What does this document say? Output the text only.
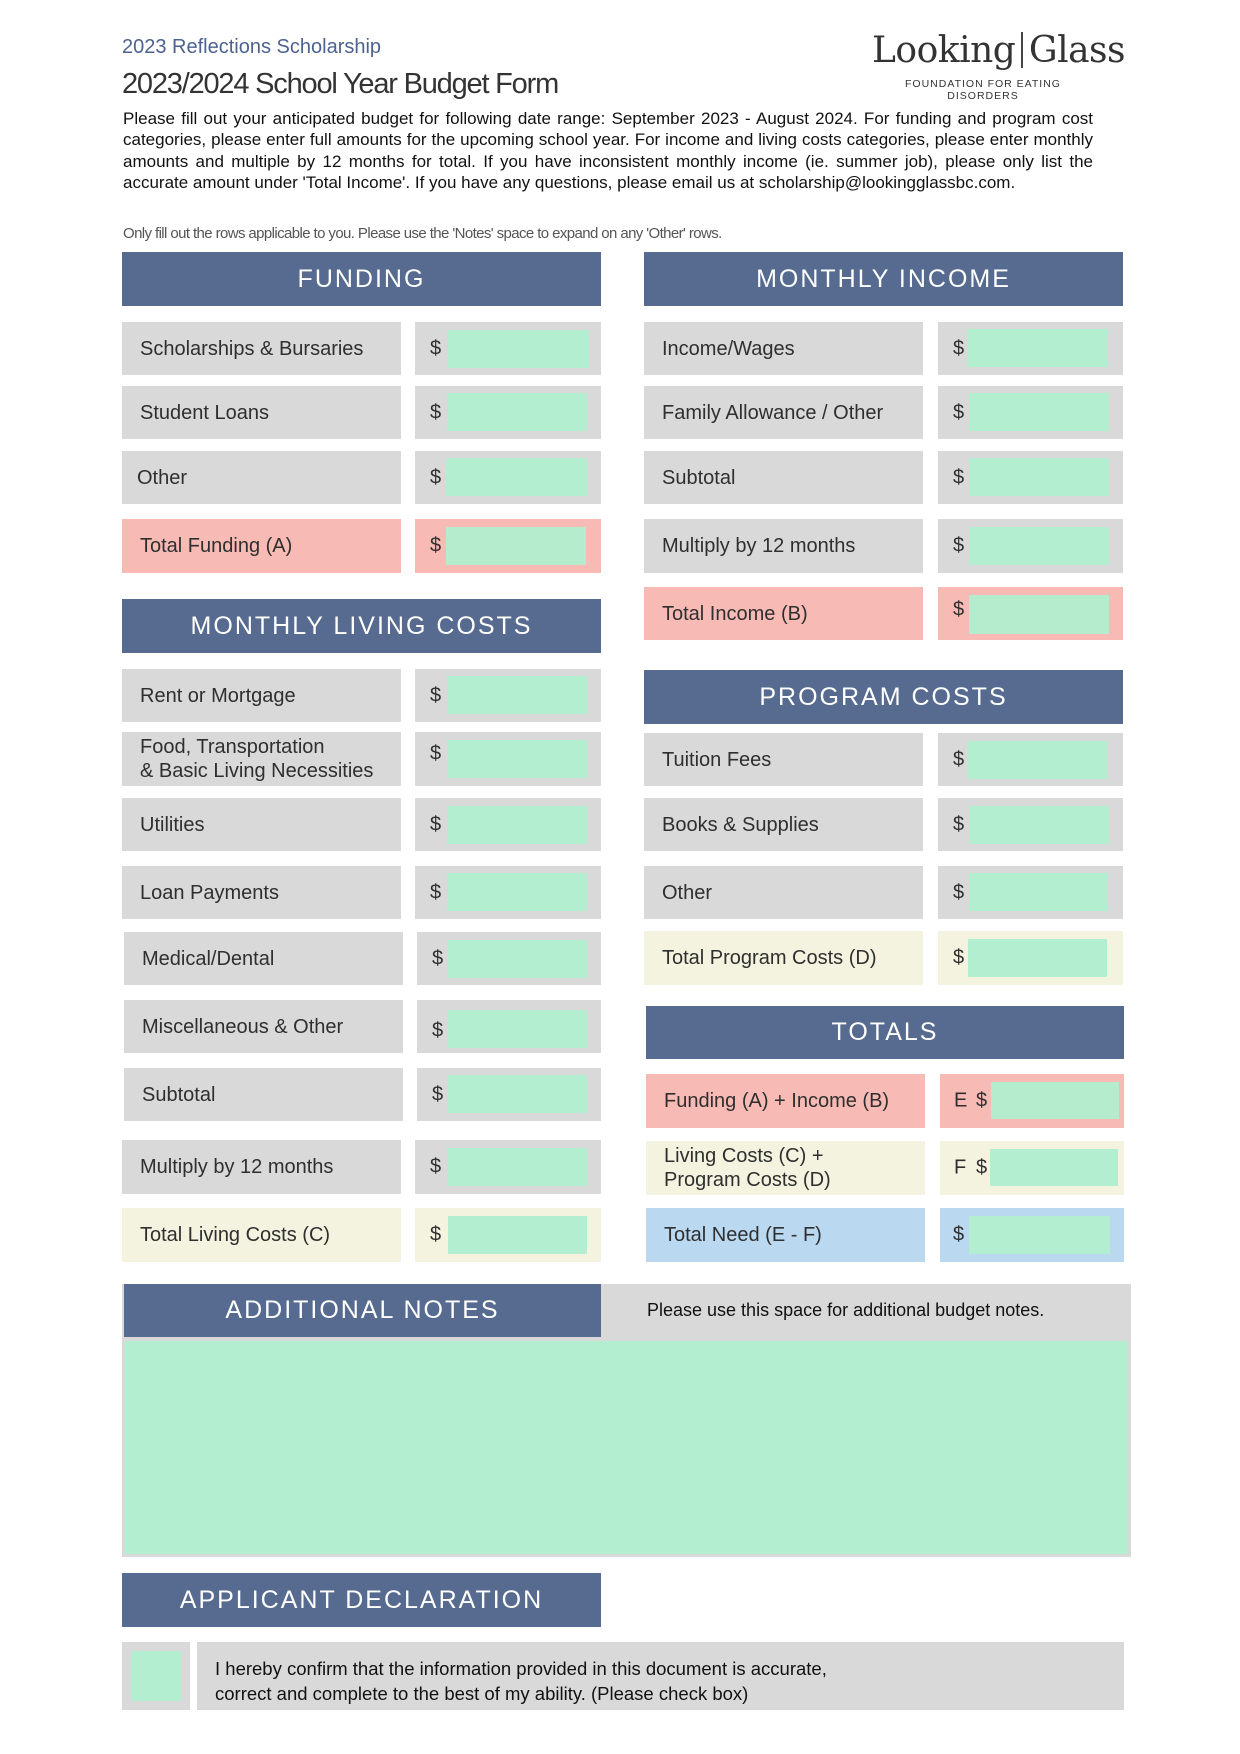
2023 Reflections Scholarship
2023/2024 School Year Budget Form
Looking Glass
FOUNDATION FOR EATING DISORDERS
Please fill out your anticipated budget for following date range: September 2023 - August 2024. For funding and program cost categories, please enter full amounts for the upcoming school year. For income and living costs categories, please enter monthly amounts and multiple by 12 months for total. If you have inconsistent monthly income (ie. summer job), please only list the accurate amount under 'Total Income'. If you have any questions, please email us at scholarship@lookingglassbc.com.
Only fill out the rows applicable to you. Please use the 'Notes' space to expand on any 'Other' rows.
FUNDING
Scholarships & Bursaries	$
Student Loans	$
Other	$
Total Funding (A)	$
MONTHLY LIVING COSTS
Rent or Mortgage	$
Food, Transportation
& Basic Living Necessities
$
Utilities	$
Loan Payments	$
Medical/Dental	$
Miscellaneous & Other	$
Subtotal	$
Multiply by 12 months	$
Total Living Costs (C)	$
MONTHLY INCOME
Income/Wages	$
Family Allowance / Other	$
Subtotal	$
Multiply by 12 months	$
Total Income (B)	$
PROGRAM COSTS
Tuition Fees	$
Books & Supplies	$
Other	$
Total Program Costs (D)	$
TOTALS
Funding (A) + Income (B)	E $
Living Costs (C) +
Program Costs (D)
F $
Total Need (E - F)	$
ADDITIONAL NOTES	Please use this space for additional budget notes.
APPLICANT DECLARATION
I hereby confirm that the information provided in this document is accurate,
correct and complete to the best of my ability. (Please check box)
